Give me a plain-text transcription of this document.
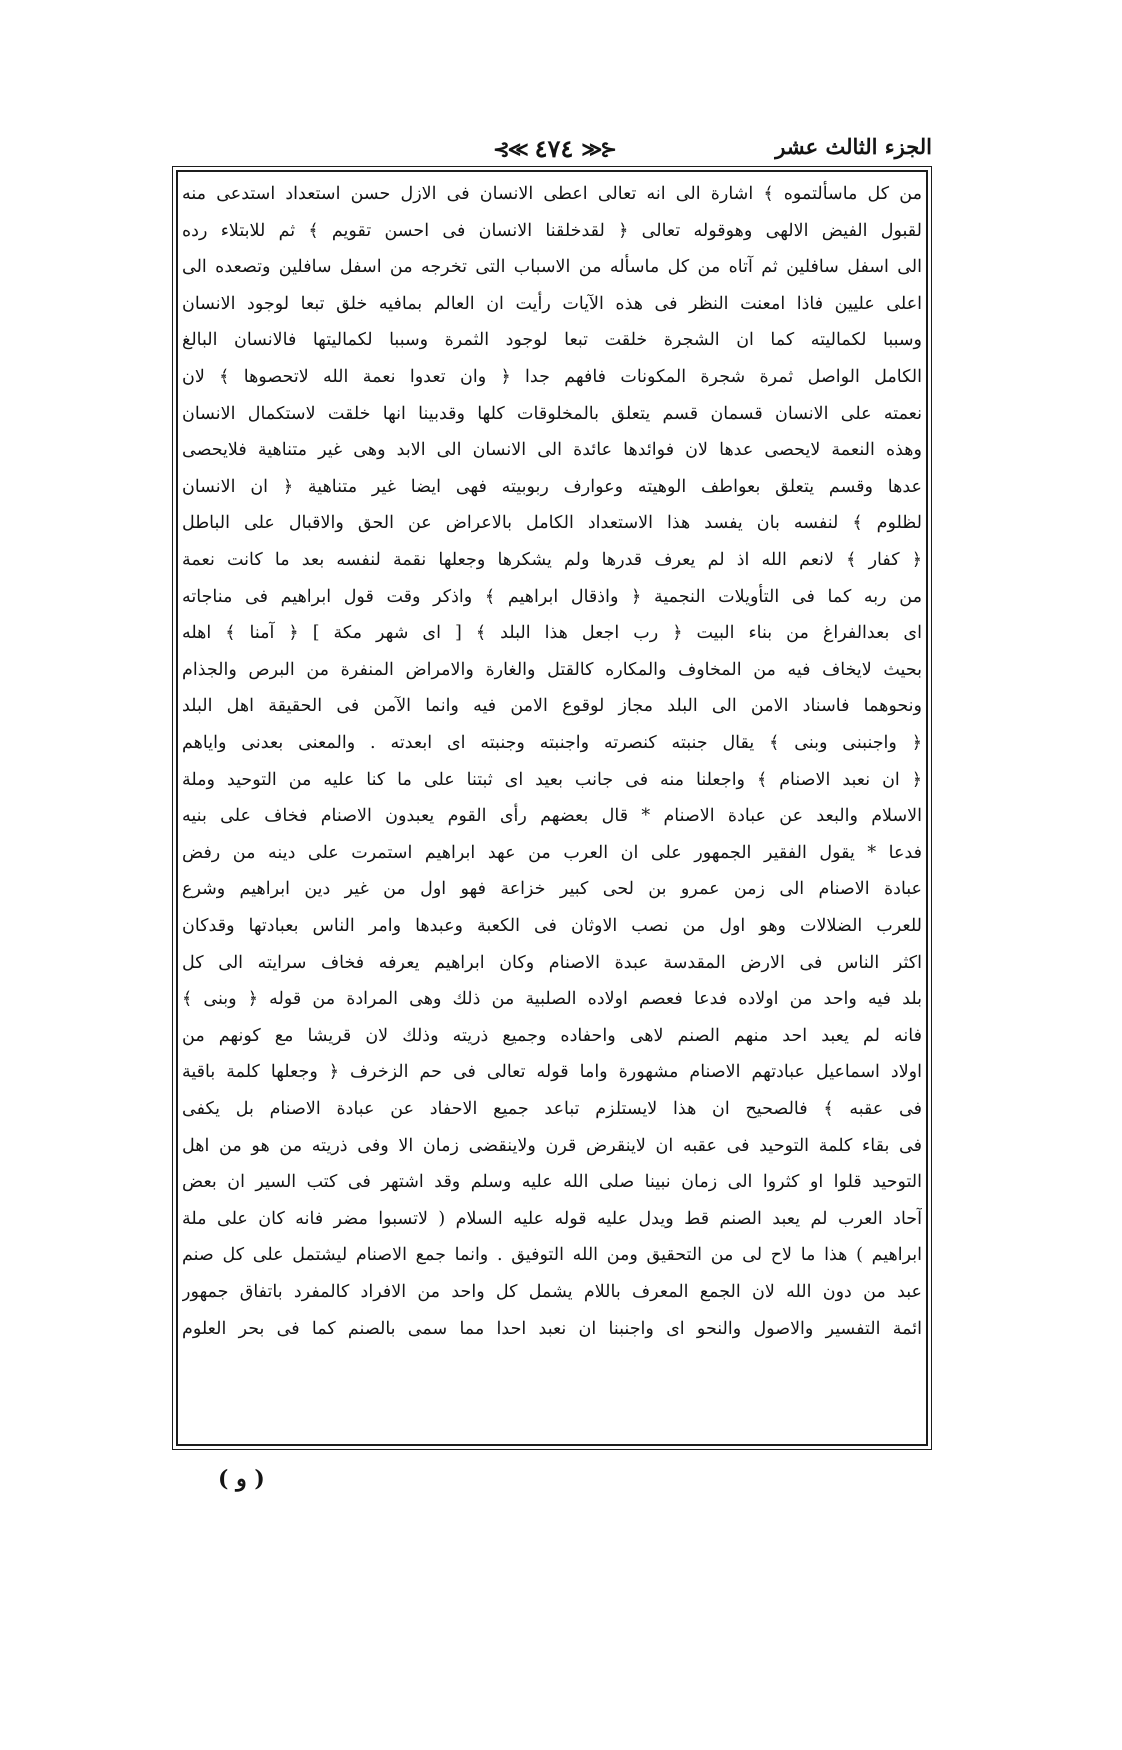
الجزء الثالث عشر
⊰≪ ٤٧٤ ≫⊱
من كل ماسألتموه ﴾ اشارة الى انه تعالى اعطى الانسان فى الازل حسن استعداد استدعى منه
لقبول الفيض الالهى وهوقوله تعالى ﴿ لقدخلقنا الانسان فى احسن تقويم ﴾ ثم للابتلاء رده
الى اسفل سافلين ثم آتاه من كل ماسأله من الاسباب التى تخرجه من اسفل سافلين وتصعده الى
اعلى عليين فاذا امعنت النظر فى هذه الآيات رأيت ان العالم بمافيه خلق تبعا لوجود الانسان
وسببا لكماليته كما ان الشجرة خلقت تبعا لوجود الثمرة وسببا لكماليتها فالانسان البالغ
الكامل الواصل ثمرة شجرة المكونات فافهم جدا ﴿ وان تعدوا نعمة الله لاتحصوها ﴾ لان
نعمته على الانسان قسمان قسم يتعلق بالمخلوقات كلها وقدبينا انها خلقت لاستكمال الانسان
وهذه النعمة لايحصى عدها لان فوائدها عائدة الى الانسان الى الابد وهى غير متناهية فلايحصى
عدها وقسم يتعلق بعواطف الوهيته وعوارف ربوبيته فهى ايضا غير متناهية ﴿ ان الانسان
لظلوم ﴾ لنفسه بان يفسد هذا الاستعداد الكامل بالاعراض عن الحق والاقبال على الباطل
﴿ كفار ﴾ لانعم الله اذ لم يعرف قدرها ولم يشكرها وجعلها نقمة لنفسه بعد ما كانت نعمة
من ربه كما فى التأويلات النجمية ﴿ واذقال ابراهيم ﴾ واذكر وقت قول ابراهيم فى مناجاته
اى بعدالفراغ من بناء البيت ﴿ رب اجعل هذا البلد ﴾ [ اى شهر مكة ] ﴿ آمنا ﴾ اهله
بحيث لايخاف فيه من المخاوف والمكاره كالقتل والغارة والامراض المنفرة من البرص والجذام
ونحوهما فاسناد الامن الى البلد مجاز لوقوع الامن فيه وانما الآمن فى الحقيقة اهل البلد
﴿ واجنبنى وبنى ﴾ يقال جنبته كنصرته واجنبته وجنبته اى ابعدته . والمعنى بعدنى واياهم
﴿ ان نعبد الاصنام ﴾ واجعلنا منه فى جانب بعيد اى ثبتنا على ما كنا عليه من التوحيد وملة
الاسلام والبعد عن عبادة الاصنام * قال بعضهم رأى القوم يعبدون الاصنام فخاف على بنيه
فدعا * يقول الفقير الجمهور على ان العرب من عهد ابراهيم استمرت على دينه من رفض
عبادة الاصنام الى زمن عمرو بن لحى كبير خزاعة فهو اول من غير دين ابراهيم وشرع
للعرب الضلالات وهو اول من نصب الاوثان فى الكعبة وعبدها وامر الناس بعبادتها وقدكان
اكثر الناس فى الارض المقدسة عبدة الاصنام وكان ابراهيم يعرفه فخاف سرايته الى كل
بلد فيه واحد من اولاده فدعا فعصم اولاده الصلبية من ذلك وهى المرادة من قوله ﴿ وبنى ﴾
فانه لم يعبد احد منهم الصنم لاهى واحفاده وجميع ذريته وذلك لان قريشا مع كونهم من
اولاد اسماعيل عبادتهم الاصنام مشهورة واما قوله تعالى فى حم الزخرف ﴿ وجعلها كلمة باقية
فى عقبه ﴾ فالصحيح ان هذا لايستلزم تباعد جميع الاحفاد عن عبادة الاصنام بل يكفى
فى بقاء كلمة التوحيد فى عقبه ان لاينقرض قرن ولاينقضى زمان الا وفى ذريته من هو من اهل
التوحيد قلوا او كثروا الى زمان نبينا صلى الله عليه وسلم وقد اشتهر فى كتب السير ان بعض
آحاد العرب لم يعبد الصنم قط ويدل عليه قوله عليه السلام ( لاتسبوا مضر فانه كان على ملة
ابراهيم ) هذا ما لاح لى من التحقيق ومن الله التوفيق . وانما جمع الاصنام ليشتمل على كل صنم
عبد من دون الله لان الجمع المعرف باللام يشمل كل واحد من الافراد كالمفرد باتفاق جمهور
ائمة التفسير والاصول والنحو اى واجنبنا ان نعبد احدا مما سمى بالصنم كما فى بحر العلوم
( و )
